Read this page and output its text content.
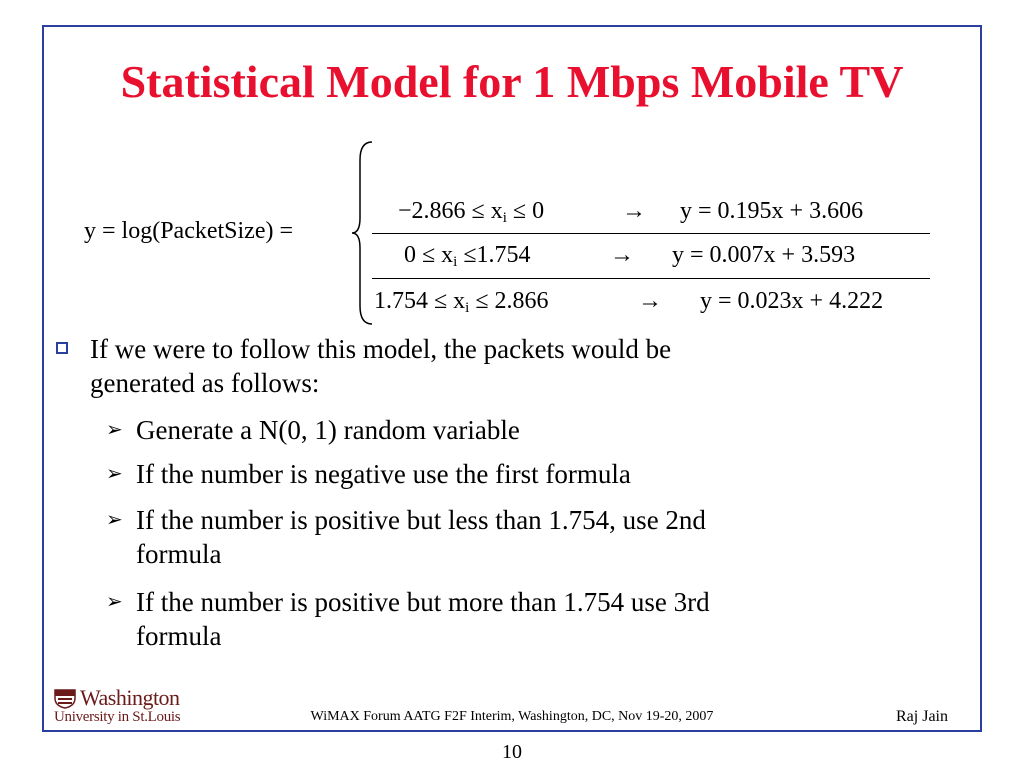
Statistical Model for 1 Mbps Mobile TV
y = log(PacketSize) =
$-2.866 \le x_i \le 0$	→ y = 0.195x + 3.606
$0 \le x_i \le 1.754$	→ y = 0.007x + 3.593
$1.754 \le x_i \le 2.866$	→ y = 0.023x + 4.222
If we were to follow this model, the packets would be
generated as follows:
➢ Generate a N(0, 1) random variable
➢ If the number is negative use the first formula
➢ If the number is positive but less than 1.754, use 2nd
formula
➢ If the number is positive but more than 1.754 use 3rd
formula
Washington
University in St.Louis	WiMAX Forum AATG F2F Interim, Washington, DC, Nov 19-20, 2007	Raj Jain
10
